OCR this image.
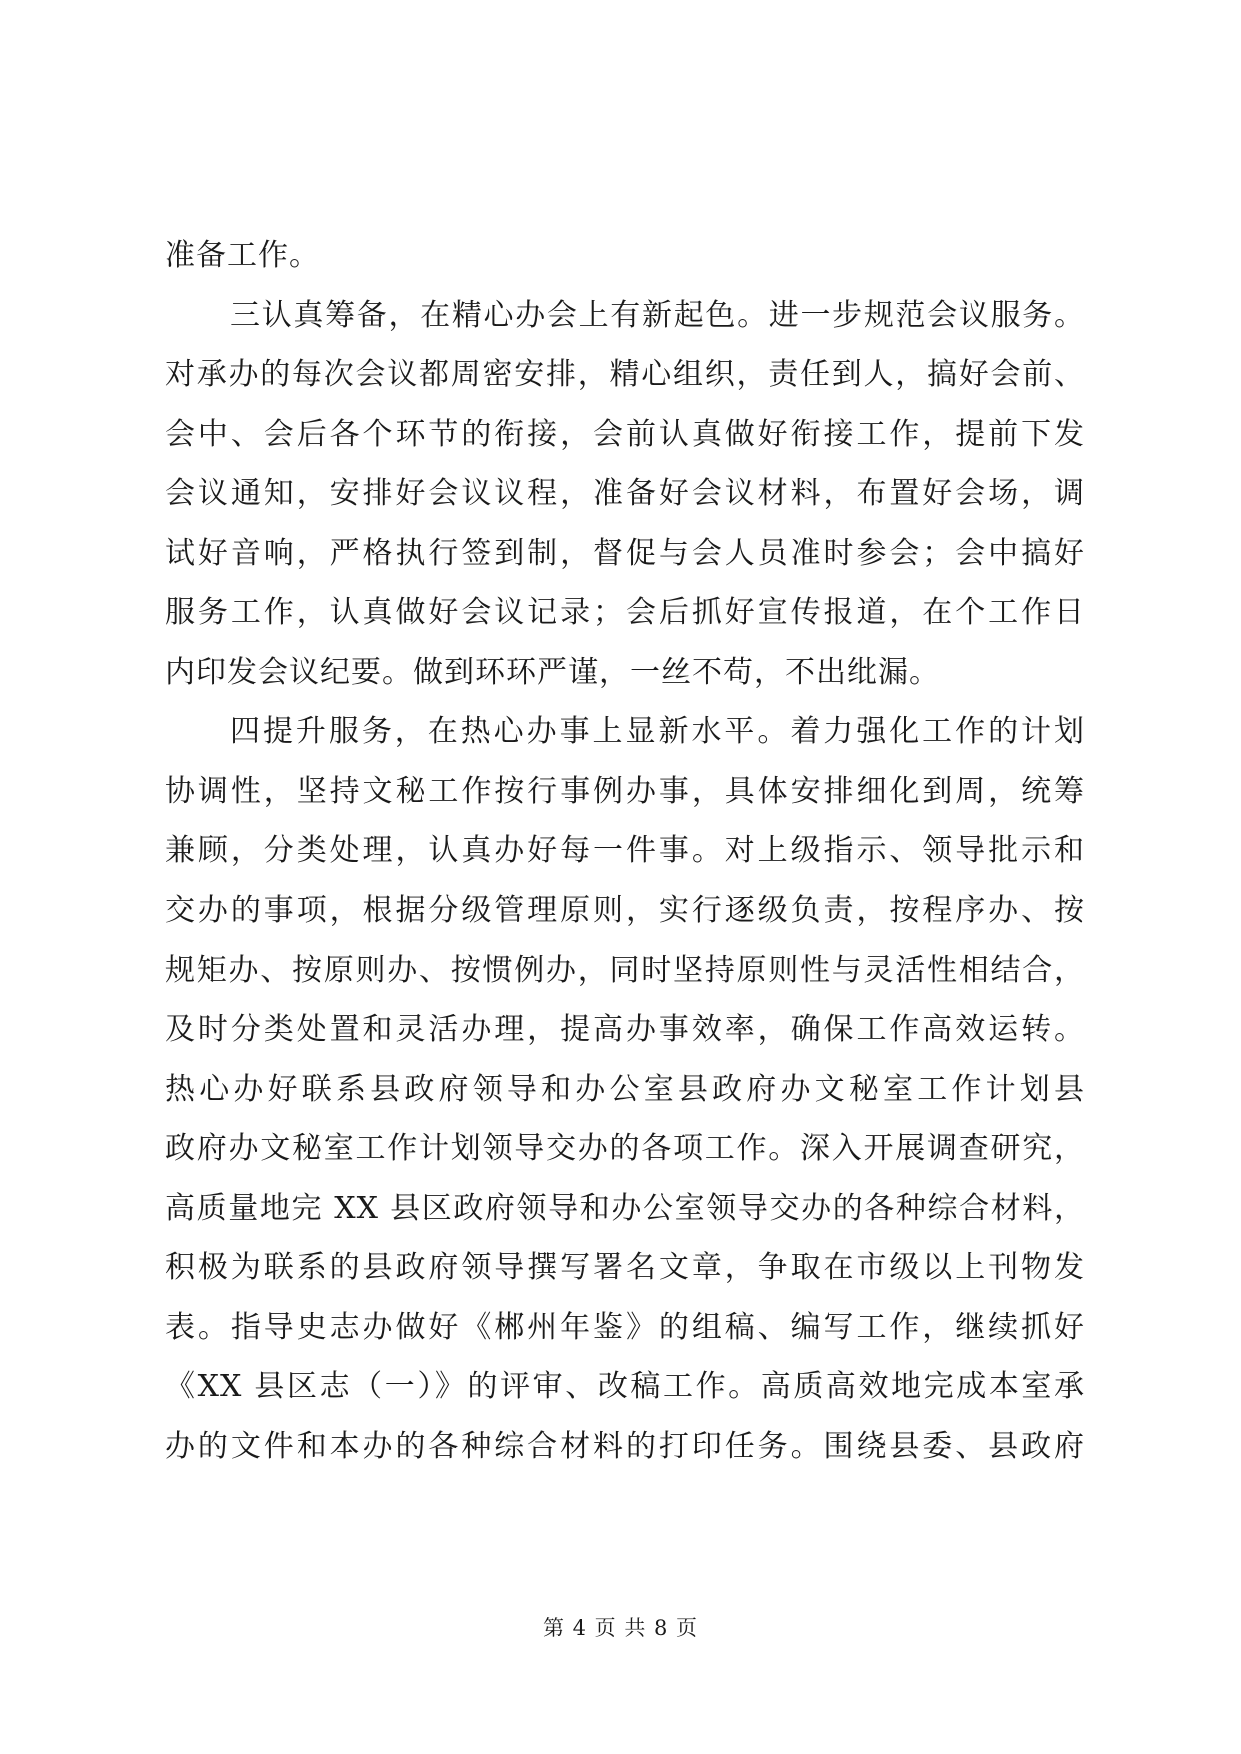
准备工作。
三认真筹备，在精心办会上有新起色。进一步规范会议服务。
对承办的每次会议都周密安排，精心组织，责任到人，搞好会前、
会中、会后各个环节的衔接，会前认真做好衔接工作，提前下发
会议通知，安排好会议议程，准备好会议材料，布置好会场，调
试好音响，严格执行签到制，督促与会人员准时参会；会中搞好
服务工作，认真做好会议记录；会后抓好宣传报道，在个工作日
内印发会议纪要。做到环环严谨，一丝不苟，不出纰漏。
四提升服务，在热心办事上显新水平。着力强化工作的计划
协调性，坚持文秘工作按行事例办事，具体安排细化到周，统筹
兼顾，分类处理，认真办好每一件事。对上级指示、领导批示和
交办的事项，根据分级管理原则，实行逐级负责，按程序办、按
规矩办、按原则办、按惯例办，同时坚持原则性与灵活性相结合，
及时分类处置和灵活办理，提高办事效率，确保工作高效运转。
热心办好联系县政府领导和办公室县政府办文秘室工作计划县
政府办文秘室工作计划领导交办的各项工作。深入开展调查研究，
高质量地完 XX 县区政府领导和办公室领导交办的各种综合材料，
积极为联系的县政府领导撰写署名文章，争取在市级以上刊物发
表。指导史志办做好《郴州年鉴》的组稿、编写工作，继续抓好
《XX 县区志（一）》的评审、改稿工作。高质高效地完成本室承
办的文件和本办的各种综合材料的打印任务。围绕县委、县政府
第 4 页 共 8 页
